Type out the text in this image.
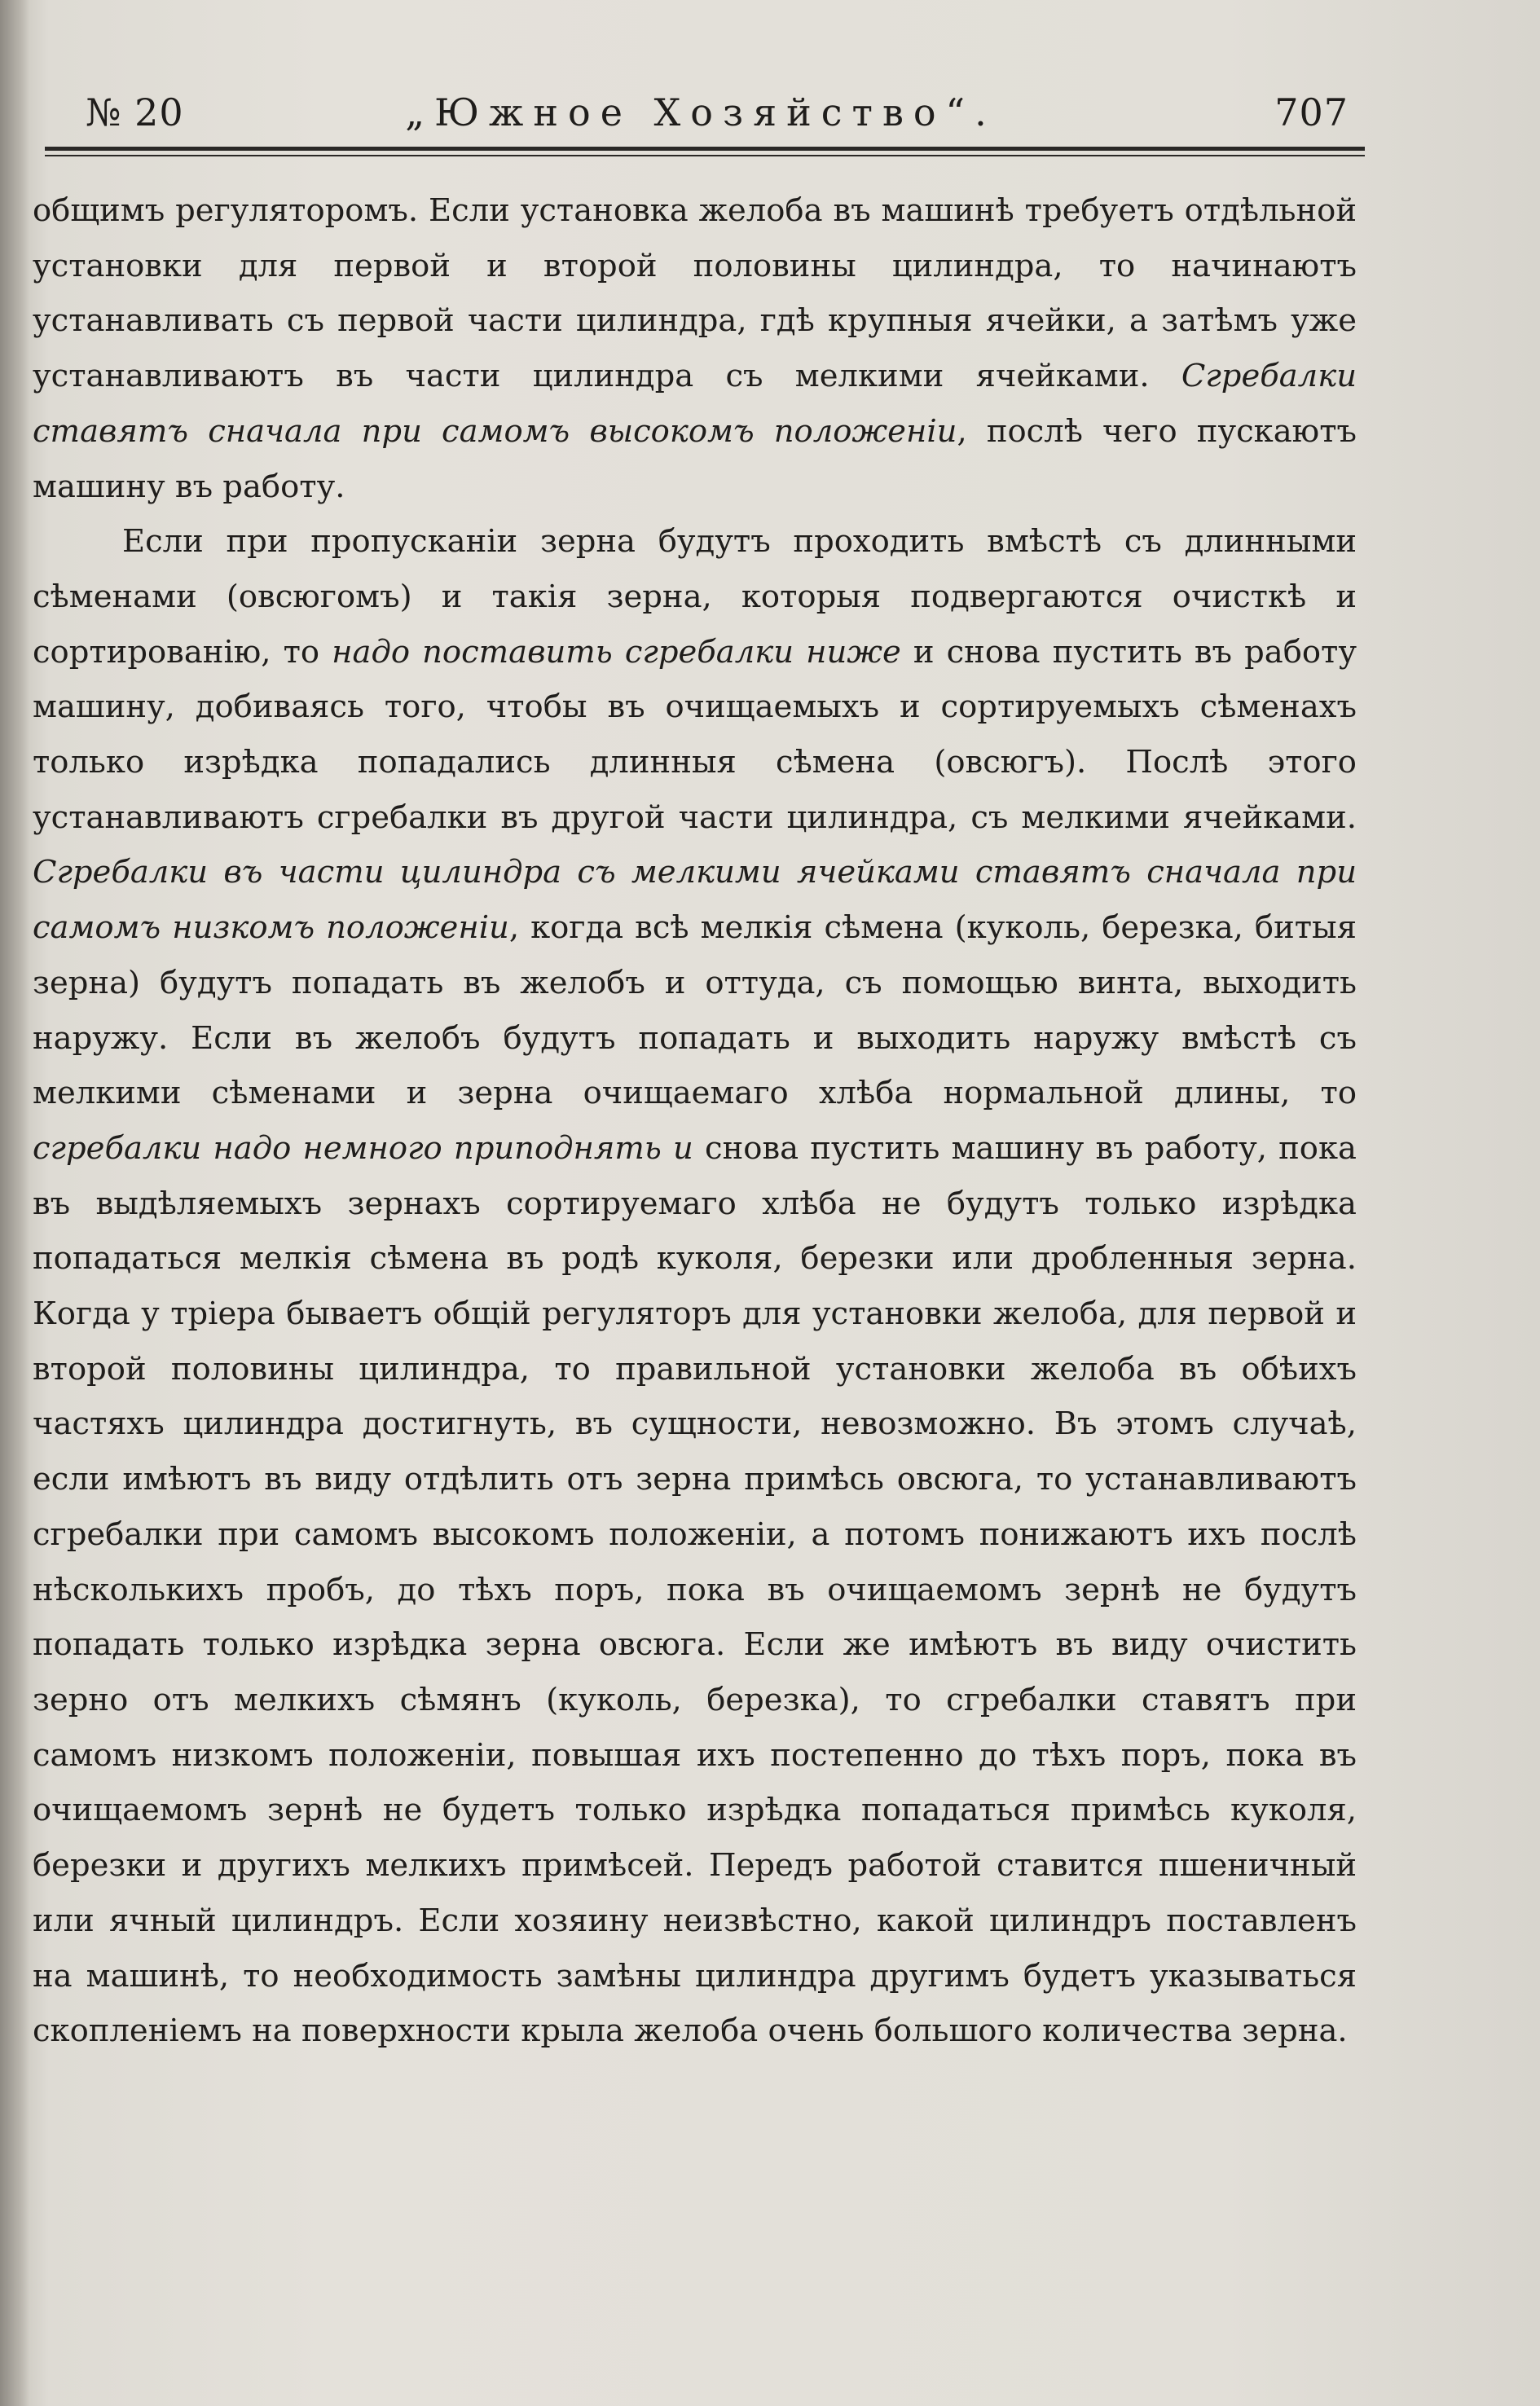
№ 20	„Южное Хозяйство“.	707

общимъ регуляторомъ. Если установка желоба въ машинѣ требуетъ отдѣльной установки для первой и второй половины цилиндра, то начинаютъ устанавливать съ первой части цилиндра, гдѣ крупныя ячейки, а затѣмъ уже устанавливаютъ въ части цилиндра съ мелкими ячейками. Сгребалки ставятъ сначала при самомъ высокомъ положеніи, послѣ чего пускаютъ машину въ работу.

Если при пропусканіи зерна будутъ проходить вмѣстѣ съ длинными сѣменами (овсюгомъ) и такія зерна, которыя подвергаются очисткѣ и сортированію, то надо поставить сгребалки ниже и снова пустить въ работу машину, добиваясь того, чтобы въ очищаемыхъ и сортируемыхъ сѣменахъ только изрѣдка попадались длинныя сѣмена (овсюгъ). Послѣ этого устанавливаютъ сгребалки въ другой части цилиндра, съ мелкими ячейками. Сгребалки въ части цилиндра съ мелкими ячейками ставятъ сначала при самомъ низкомъ положеніи, когда всѣ мелкія сѣмена (куколь, березка, битыя зерна) будутъ попадать въ желобъ и оттуда, съ помощью винта, выходить наружу. Если въ желобъ будутъ попадать и выходить наружу вмѣстѣ съ мелкими сѣменами и зерна очищаемаго хлѣба нормальной длины, то сгребалки надо немного приподнять и снова пустить машину въ работу, пока въ выдѣляемыхъ зернахъ сортируемаго хлѣба не будутъ только изрѣдка попадаться мелкія сѣмена въ родѣ куколя, березки или дробленныя зерна. Когда у тріера бываетъ общій регуляторъ для установки желоба, для первой и второй половины цилиндра, то правильной установки желоба въ обѣихъ частяхъ цилиндра достигнуть, въ сущности, невозможно. Въ этомъ случаѣ, если имѣютъ въ виду отдѣлить отъ зерна примѣсь овсюга, то устанавливаютъ сгребалки при самомъ высокомъ положеніи, а потомъ понижаютъ ихъ послѣ нѣсколькихъ пробъ, до тѣхъ поръ, пока въ очищаемомъ зернѣ не будутъ попадать только изрѣдка зерна овсюга. Если же имѣютъ въ виду очистить зерно отъ мелкихъ сѣмянъ (куколь, березка), то сгребалки ставятъ при самомъ низкомъ положеніи, повышая ихъ постепенно до тѣхъ поръ, пока въ очищаемомъ зернѣ не будетъ только изрѣдка попадаться примѣсь куколя, березки и другихъ мелкихъ примѣсей. Передъ работой ставится пшеничный или ячный цилиндръ. Если хозяину неизвѣстно, какой цилиндръ поставленъ на машинѣ, то необходимость замѣны цилиндра другимъ будетъ указываться скопленіемъ на поверхности крыла желоба очень большого количества зерна.
